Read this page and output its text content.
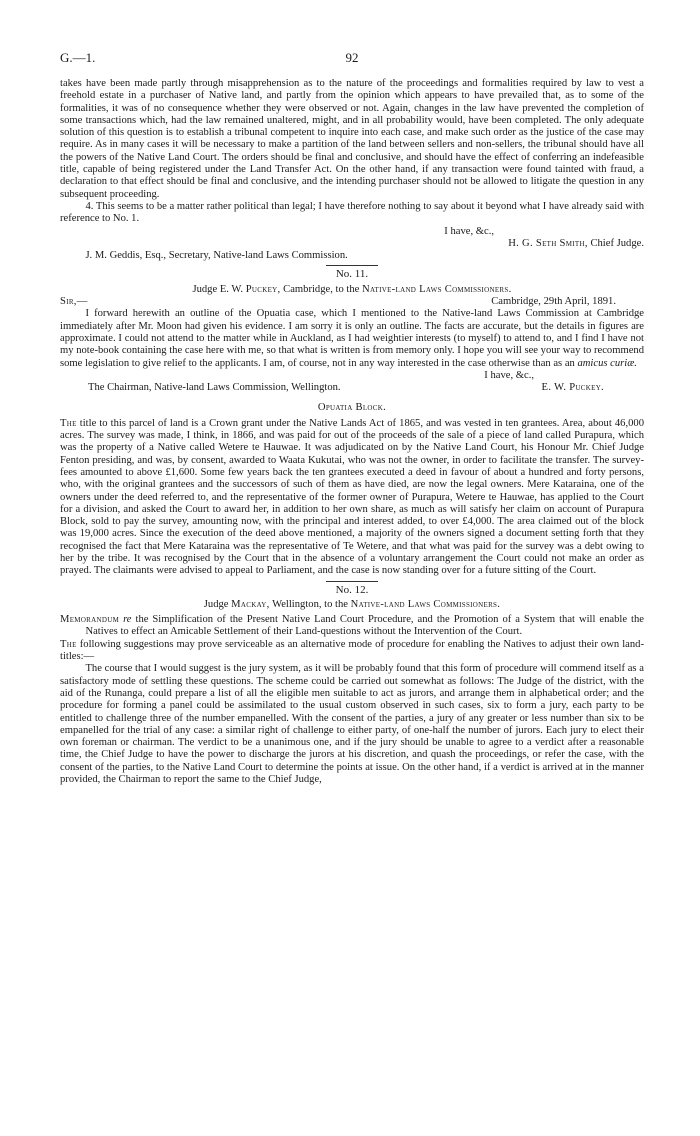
G.—1.	92

takes have been made partly through misapprehension as to the nature of the proceedings and formalities required by law to vest a freehold estate in a purchaser of Native land, and partly from the opinion which appears to have prevailed that, as to some of the formalities, it was of no consequence whether they were observed or not. Again, changes in the law have prevented the completion of some transactions which, had the law remained unaltered, might, and in all probability would, have been completed. The only adequate solution of this question is to establish a tribunal competent to inquire into each case, and make such order as the justice of the case may require. As in many cases it will be necessary to make a partition of the land between sellers and non-sellers, the tribunal should have all the powers of the Native Land Court. The orders should be final and conclusive, and should have the effect of conferring an indefeasible title, capable of being registered under the Land Transfer Act. On the other hand, if any transaction were found tainted with fraud, a declaration to that effect should be final and conclusive, and the intending purchaser should not be allowed to litigate the question in any subsequent proceeding.

4. This seems to be a matter rather political than legal; I have therefore nothing to say about it beyond what I have already said with reference to No. 1.

I have, &c.,

H. G. Seth Smith, Chief Judge.

J. M. Geddis, Esq., Secretary, Native-land Laws Commission.

No. 11.

Judge E. W. Puckey, Cambridge, to the Native-land Laws Commissioners.

Sir,—	Cambridge, 29th April, 1891.

I forward herewith an outline of the Opuatia case, which I mentioned to the Native-land Laws Commission at Cambridge immediately after Mr. Moon had given his evidence. I am sorry it is only an outline. The facts are accurate, but the details in figures are approximate. I could not attend to the matter while in Auckland, as I had weightier interests (to myself) to attend to, and I find I have not my note-book containing the case here with me, so that what is written is from memory only. I hope you will see your way to recommend some legislation to give relief to the applicants. I am, of course, not in any way interested in the case otherwise than as an amicus curiæ.

I have, &c.,

The Chairman, Native-land Laws Commission, Wellington.	E. W. Puckey.
Opuatia Block.

The title to this parcel of land is a Crown grant under the Native Lands Act of 1865, and was vested in ten grantees. Area, about 46,000 acres. The survey was made, I think, in 1866, and was paid for out of the proceeds of the sale of a piece of land called Purapura, which was the property of a Native called Wetere te Hauwae. It was adjudicated on by the Native Land Court, his Honour Mr. Chief Judge Fenton presiding, and was, by consent, awarded to Waata Kukutai, who was not the owner, in order to facilitate the transfer. The survey-fees amounted to above £1,600. Some few years back the ten grantees executed a deed in favour of about a hundred and forty persons, who, with the original grantees and the successors of such of them as have died, are now the legal owners. Mere Kataraina, one of the owners under the deed referred to, and the representative of the former owner of Purapura, Wetere te Hauwae, has applied to the Court for a division, and asked the Court to award her, in addition to her own share, as much as will satisfy her claim on account of Purapura Block, sold to pay the survey, amounting now, with the principal and interest added, to over £4,000. The area claimed out of the block was 19,000 acres. Since the execution of the deed above mentioned, a majority of the owners signed a document setting forth that they recognised the fact that Mere Kataraina was the representative of Te Wetere, and that what was paid for the survey was a debt owing to her by the tribe. It was recognised by the Court that in the absence of a voluntary arrangement the Court could not make an order as prayed. The claimants were advised to appeal to Parliament, and the case is now standing over for a future sitting of the Court.

No. 12.

Judge Mackay, Wellington, to the Native-land Laws Commissioners.

Memorandum re the Simplification of the Present Native Land Court Procedure, and the Promotion of a System that will enable the Natives to effect an Amicable Settlement of their Land-questions without the Intervention of the Court.

The following suggestions may prove serviceable as an alternative mode of procedure for enabling the Natives to adjust their own land-titles:—

The course that I would suggest is the jury system, as it will be probably found that this form of procedure will commend itself as a satisfactory mode of settling these questions. The scheme could be carried out somewhat as follows: The Judge of the district, with the aid of the Runanga, could prepare a list of all the eligible men suitable to act as jurors, and arrange them in alphabetical order; and the procedure for forming a panel could be assimilated to the usual custom observed in such cases, six to form a jury, each party to be entitled to challenge three of the number empanelled. With the consent of the parties, a jury of any greater or less number than six to be empanelled for the trial of any case: a similar right of challenge to either party, of one-half the number of jurors. Each jury to elect their own foreman or chairman. The verdict to be a unanimous one, and if the jury should be unable to agree to a verdict after a reasonable time, the Chief Judge to have the power to discharge the jurors at his discretion, and quash the proceedings, or refer the case, with the consent of the parties, to the Native Land Court to determine the points at issue. On the other hand, if a verdict is arrived at in the manner provided, the Chairman to report the same to the Chief Judge,
